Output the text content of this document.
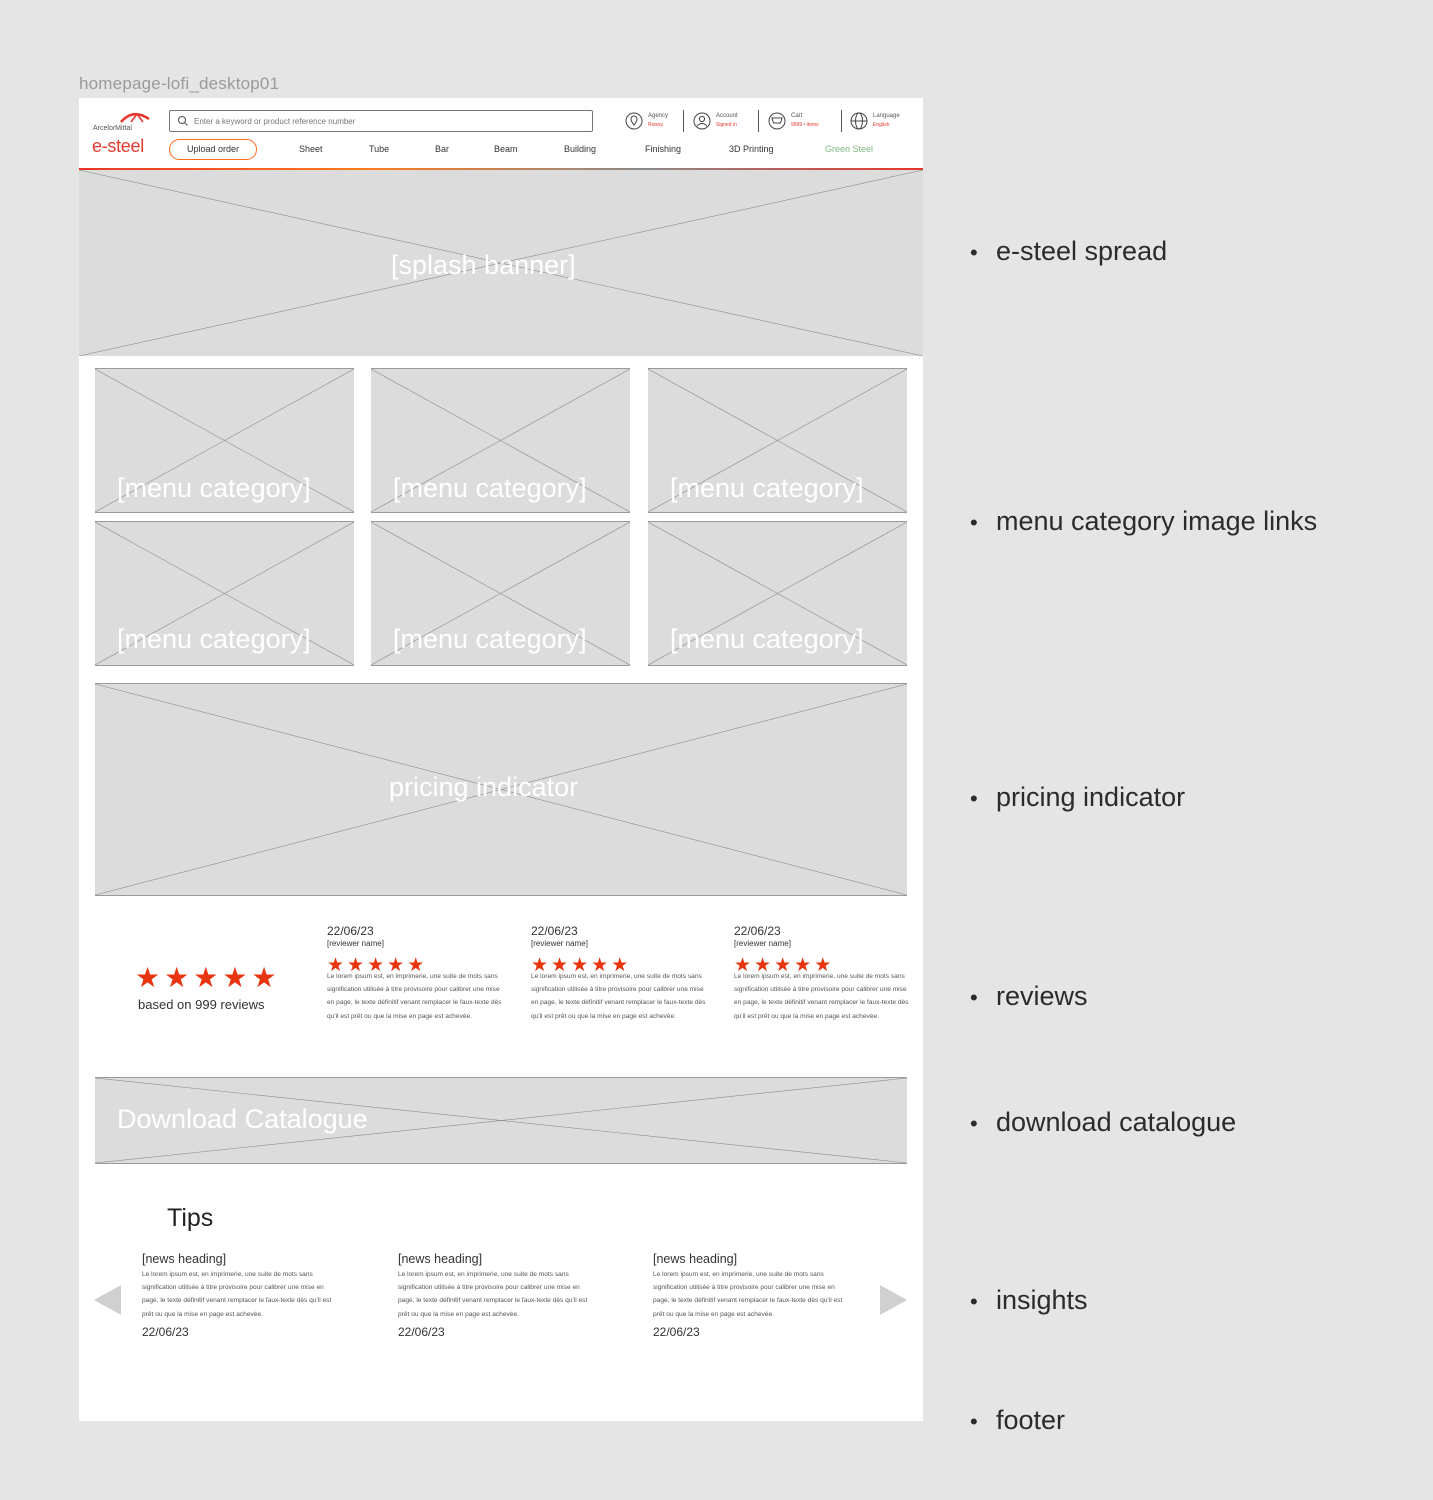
homepage-lofi_desktop01
ArcelorMittal
e-steel
Enter a keyword or product reference number
Agency
Roissy
Account
Signed in
Cart
9999 • items
Language
English
Upload order	Sheet	Tube	Bar	Beam	Building	Finishing	3D Printing	Green Steel
[splash banner]
[menu category]	[menu category]	[menu category]
[menu category]	[menu category]	[menu category]
pricing indicator
★ ★ ★ ★ ★
based on 999 reviews
22/06/23
[reviewer name]
★ ★ ★ ★ ★
Le lorem ipsum est, en imprimerie, une suite de mots sans signification utilisée à titre provisoire pour calibrer une mise en page, le texte définitif venant remplacer le faux-texte dès qu'il est prêt ou que la mise en page est achevée.
22/06/23
[reviewer name]
★ ★ ★ ★ ★
Le lorem ipsum est, en imprimerie, une suite de mots sans signification utilisée à titre provisoire pour calibrer une mise en page, le texte définitif venant remplacer le faux-texte dès qu'il est prêt ou que la mise en page est achevée.
22/06/23
[reviewer name]
★ ★ ★ ★ ★
Le lorem ipsum est, en imprimerie, une suite de mots sans signification utilisée à titre provisoire pour calibrer une mise en page, le texte définitif venant remplacer le faux-texte dès qu'il est prêt ou que la mise en page est achevée.
Download Catalogue
Tips
[news heading]
Le lorem ipsum est, en imprimerie, une suite de mots sans signification utilisée à titre provisoire pour calibrer une mise en page, le texte définitif venant remplacer le faux-texte dès qu'il est prêt ou que la mise en page est achevée.
22/06/23
[news heading]
Le lorem ipsum est, en imprimerie, une suite de mots sans signification utilisée à titre provisoire pour calibrer une mise en page, le texte définitif venant remplacer le faux-texte dès qu'il est prêt ou que la mise en page est achevée.
22/06/23
[news heading]
Le lorem ipsum est, en imprimerie, une suite de mots sans signification utilisée à titre provisoire pour calibrer une mise en page, le texte définitif venant remplacer le faux-texte dès qu'il est prêt ou que la mise en page est achevée.
22/06/23
• e-steel spread
• menu category image links
• pricing indicator
• reviews
• download catalogue
• insights
• footer
